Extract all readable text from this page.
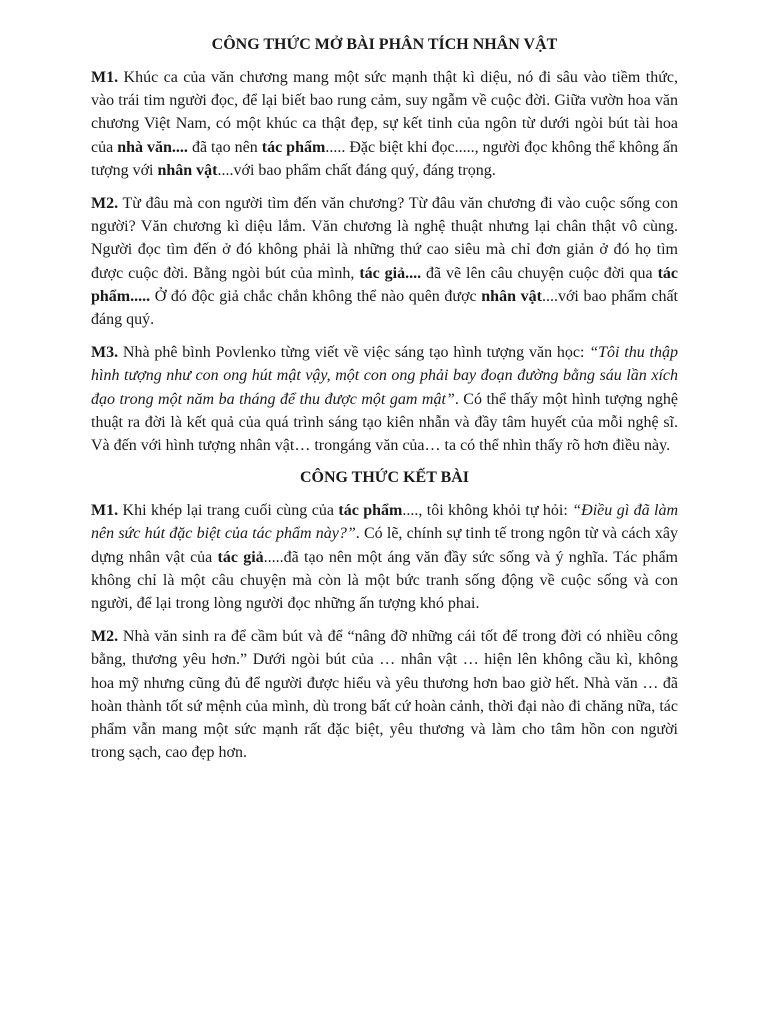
CÔNG THỨC MỞ BÀI PHÂN TÍCH NHÂN VẬT

M1. Khúc ca của văn chương mang một sức mạnh thật kì diệu, nó đi sâu vào tiềm thức, vào trái tim người đọc, để lại biết bao rung cảm, suy ngẫm về cuộc đời. Giữa vườn hoa văn chương Việt Nam, có một khúc ca thật đẹp, sự kết tinh của ngôn từ dưới ngòi bút tài hoa của nhà văn.... đã tạo nên tác phẩm..... Đặc biệt khi đọc....., người đọc không thể không ấn tượng với nhân vật....với bao phẩm chất đáng quý, đáng trọng.

M2. Từ đâu mà con người tìm đến văn chương? Từ đâu văn chương đi vào cuộc sống con người? Văn chương kì diệu lắm. Văn chương là nghệ thuật nhưng lại chân thật vô cùng. Người đọc tìm đến ở đó không phải là những thứ cao siêu mà chỉ đơn giản ở đó họ tìm được cuộc đời. Bằng ngòi bút của mình, tác giả.... đã vẽ lên câu chuyện cuộc đời qua tác phẩm..... Ở đó độc giả chắc chắn không thể nào quên được nhân vật....với bao phẩm chất đáng quý.

M3. Nhà phê bình Povlenko từng viết về việc sáng tạo hình tượng văn học: “Tôi thu thập hình tượng như con ong hút mật vậy, một con ong phải bay đoạn đường bằng sáu lần xích đạo trong một năm ba tháng để thu được một gam mật”. Có thể thấy một hình tượng nghệ thuật ra đời là kết quả của quá trình sáng tạo kiên nhẫn và đầy tâm huyết của mỗi nghệ sĩ. Và đến với hình tượng nhân vật… trongáng văn của… ta có thể nhìn thấy rõ hơn điều này.

CÔNG THỨC KẾT BÀI

M1. Khi khép lại trang cuối cùng của tác phẩm...., tôi không khỏi tự hỏi: “Điều gì đã làm nên sức hút đặc biệt của tác phẩm này?”. Có lẽ, chính sự tinh tế trong ngôn từ và cách xây dựng nhân vật của tác giả.....đã tạo nên một áng văn đầy sức sống và ý nghĩa. Tác phẩm không chỉ là một câu chuyện mà còn là một bức tranh sống động về cuộc sống và con người, để lại trong lòng người đọc những ấn tượng khó phai.

M2. Nhà văn sinh ra để cầm bút và để “nâng đỡ những cái tốt để trong đời có nhiều công bằng, thương yêu hơn.” Dưới ngòi bút của … nhân vật … hiện lên không cầu kì, không hoa mỹ nhưng cũng đủ để người được hiểu và yêu thương hơn bao giờ hết. Nhà văn … đã hoàn thành tốt sứ mệnh của mình, dù trong bất cứ hoàn cảnh, thời đại nào đi chăng nữa, tác phẩm vẫn mang một sức mạnh rất đặc biệt, yêu thương và làm cho tâm hồn con người trong sạch, cao đẹp hơn.
